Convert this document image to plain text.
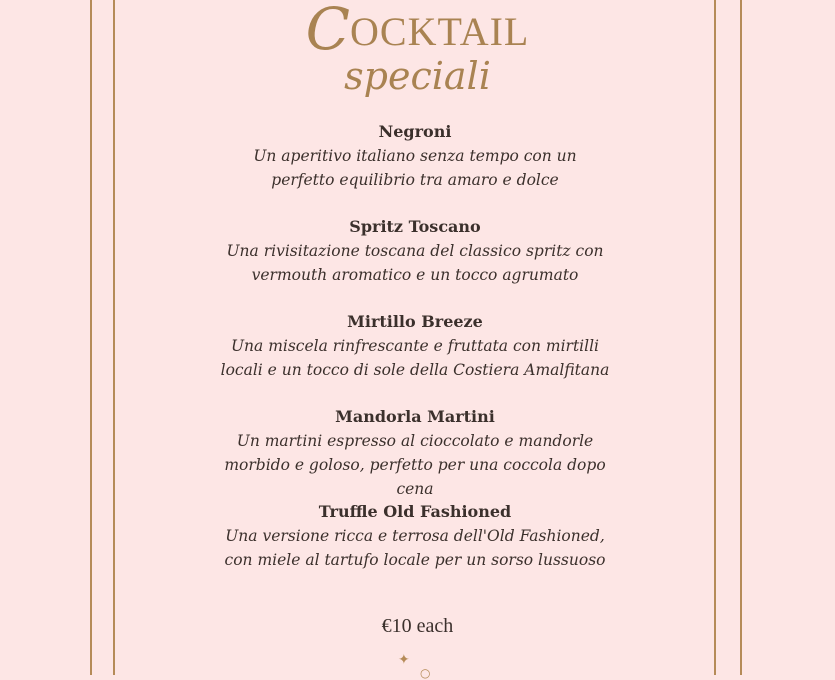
COCKTAIL
speciali
Negroni
Un aperitivo italiano senza tempo con un perfetto equilibrio tra amaro e dolce
Spritz Toscano
Una rivisitazione toscana del classico spritz con vermouth aromatico e un tocco agrumato
Mirtillo Breeze
Una miscela rinfrescante e fruttata con mirtilli locali e un tocco di sole della Costiera Amalfitana
Mandorla Martini
Un martini espresso al cioccolato e mandorle morbido e goloso, perfetto per una coccola dopo cena
Truffle Old Fashioned
Una versione ricca e terrosa dell'Old Fashioned, con miele al tartufo locale per un sorso lussuoso
€10 each
✦
○
